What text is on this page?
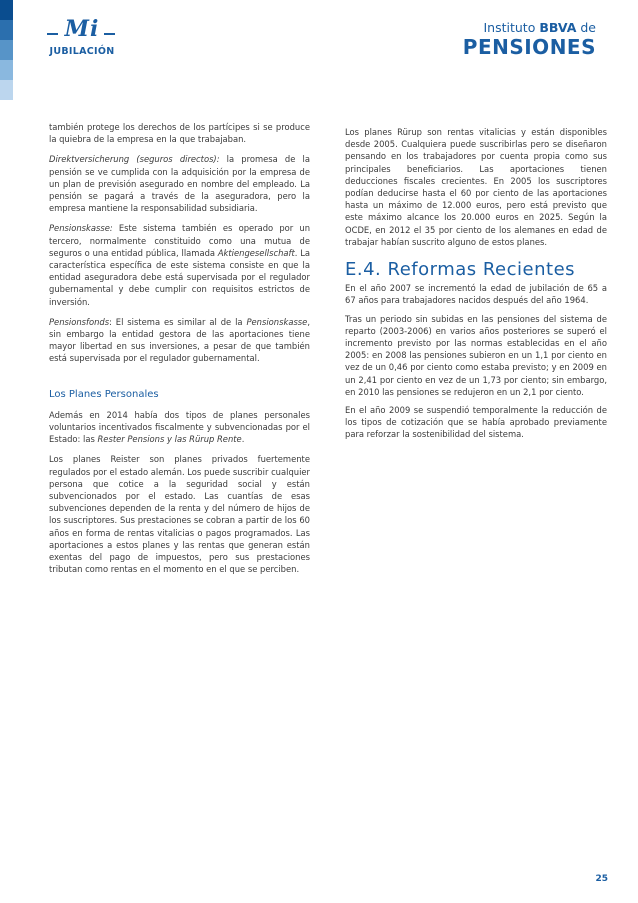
Mi
JUBILACIÓN
Instituto BBVA de
PENSIONES

también protege los derechos de los partícipes si se produce la quiebra de la empresa en la que trabajaban.

Direktversicherung (seguros directos): la promesa de la pensión se ve cumplida con la adquisición por la empresa de un plan de previsión asegurado en nombre del empleado. La pensión se pagará a través de la aseguradora, pero la empresa mantiene la responsabilidad subsidiaria.

Pensionskasse: Este sistema también es operado por un tercero, normalmente constituido como una mutua de seguros o una entidad pública, llamada Aktiengesellschaft. La característica específica de este sistema consiste en que la entidad aseguradora debe está supervisada por el regulador gubernamental y debe cumplir con requisitos estrictos de inversión.

Pensionsfonds: El sistema es similar al de la Pensionskasse, sin embargo la entidad gestora de las aportaciones tiene mayor libertad en sus inversiones, a pesar de que también está supervisada por el regulador gubernamental.

Los Planes Personales

Además en 2014 había dos tipos de planes personales voluntarios incentivados fiscalmente y subvencionadas por el Estado: las Rester Pensions y las Rürup Rente.

Los planes Reister son planes privados fuertemente regulados por el estado alemán. Los puede suscribir cualquier persona que cotice a la seguridad social y están subvencionados por el estado. Las cuantías de esas subvenciones dependen de la renta y del número de hijos de los suscriptores. Sus prestaciones se cobran a partir de los 60 años en forma de rentas vitalicias o pagos programados. Las aportaciones a estos planes y las rentas que generan están exentas del pago de impuestos, pero sus prestaciones tributan como rentas en el momento en el que se perciben.

Los planes Rürup son rentas vitalicias y están disponibles desde 2005. Cualquiera puede suscribirlas pero se diseñaron pensando en los trabajadores por cuenta propia como sus principales beneficiarios. Las aportaciones tienen deducciones fiscales crecientes. En 2005 los suscriptores podían deducirse hasta el 60 por ciento de las aportaciones hasta un máximo de 12.000 euros, pero está previsto que este máximo alcance los 20.000 euros en 2025. Según la OCDE, en 2012 el 35 por ciento de los alemanes en edad de trabajar habían suscrito alguno de estos planes.

E.4. Reformas Recientes

En el año 2007 se incrementó la edad de jubilación de 65 a 67 años para trabajadores nacidos después del año 1964.

Tras un periodo sin subidas en las pensiones del sistema de reparto (2003-2006) en varios años posteriores se superó el incremento previsto por las normas establecidas en el año 2005: en 2008 las pensiones subieron en un 1,1 por ciento en vez de un 0,46 por ciento como estaba previsto; y en 2009 en un 2,41 por ciento en vez de un 1,73 por ciento; sin embargo, en 2010 las pensiones se redujeron en un 2,1 por ciento.

En el año 2009 se suspendió temporalmente la reducción de los tipos de cotización que se había aprobado previamente para reforzar la sostenibilidad del sistema.

25
